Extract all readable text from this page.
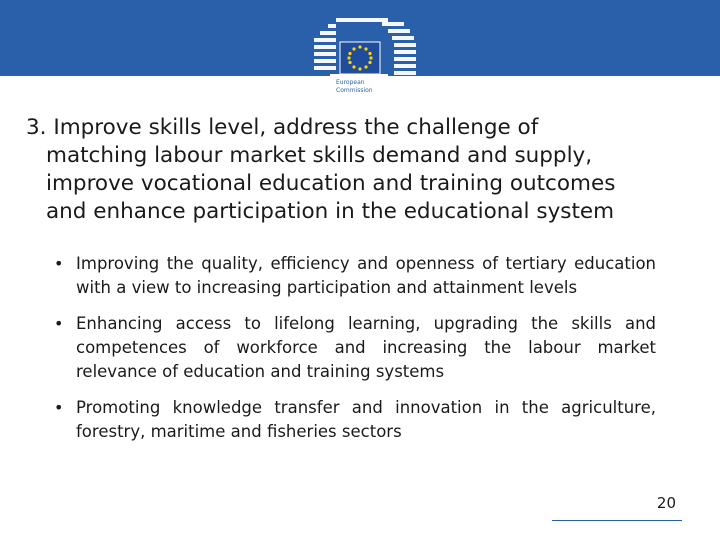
European
Commission
3. Improve skills level, address the challenge of
matching labour market skills demand and supply,
improve vocational education and training outcomes
and enhance participation in the educational system
• Improving the quality, efficiency and openness of tertiary education with a view to increasing participation and attainment levels
• Enhancing access to lifelong learning, upgrading the skills and competences of workforce and increasing the labour market relevance of education and training systems
• Promoting knowledge transfer and innovation in the agriculture, forestry, maritime and fisheries sectors
20
